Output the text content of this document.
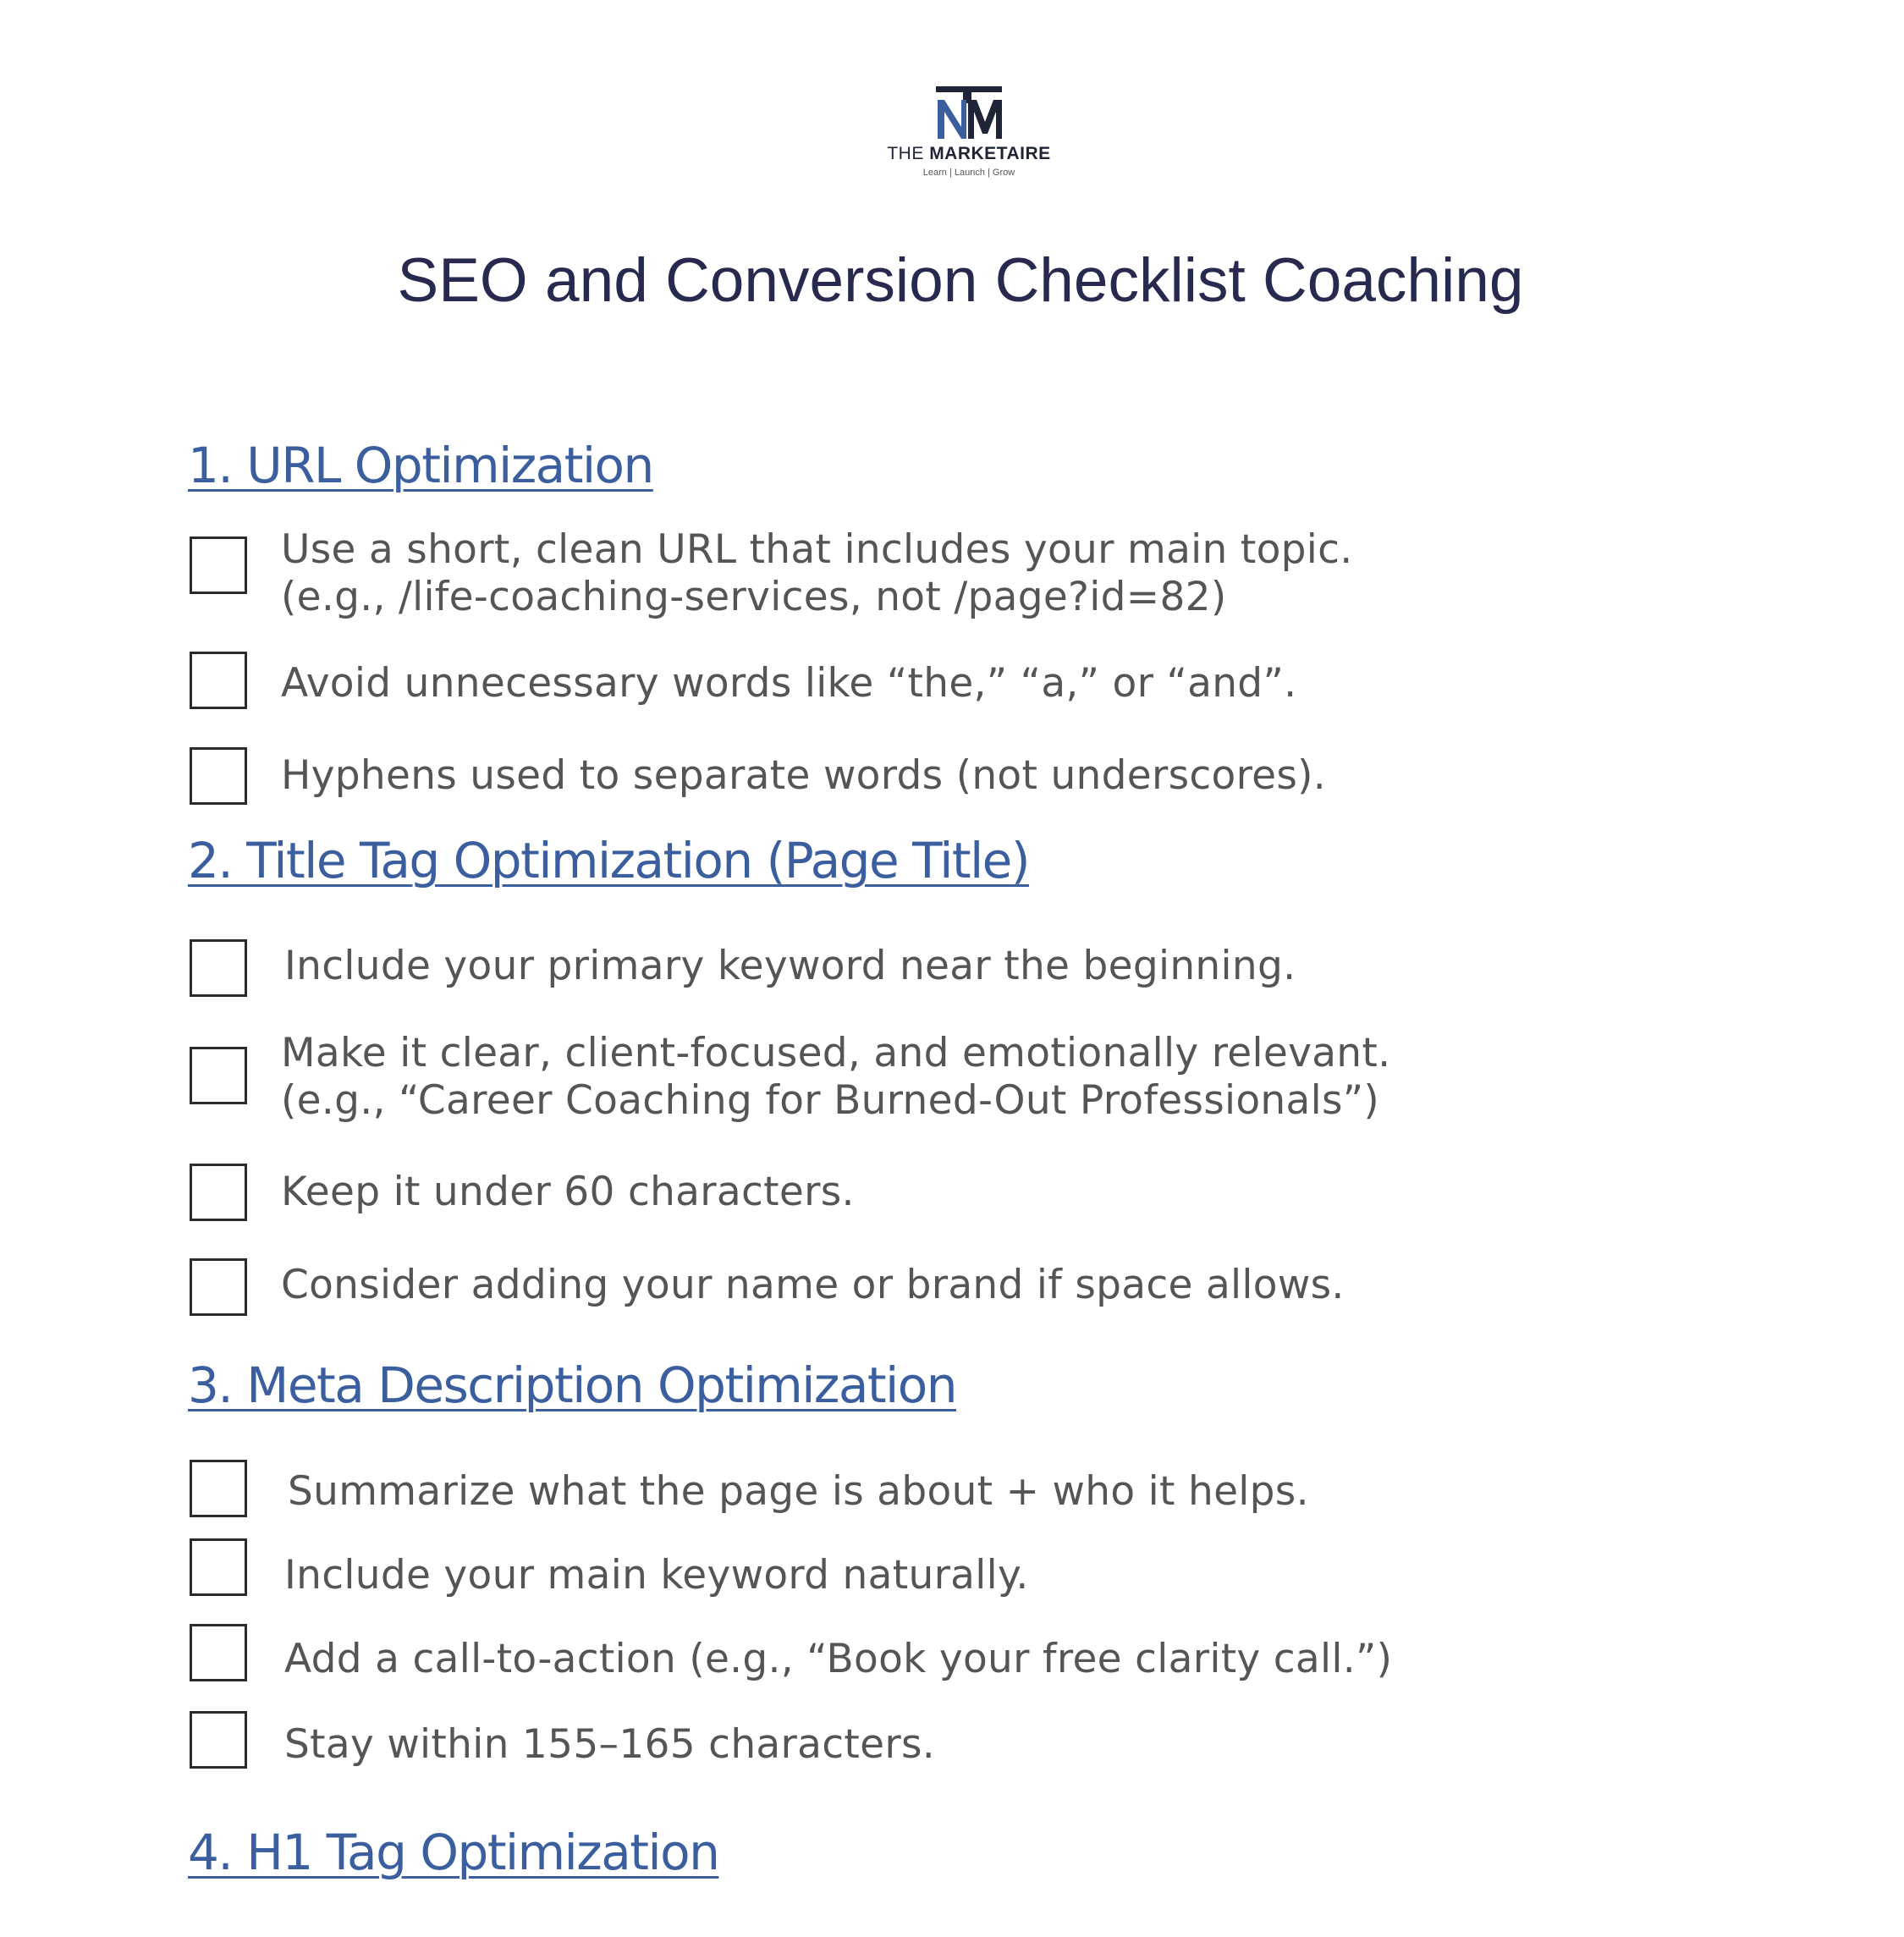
THE MARKETAIRE
Learn | Launch | Grow
SEO and Conversion Checklist Coaching
1. URL Optimization
Use a short, clean URL that includes your main topic.
(e.g., /life-coaching-services, not /page?id=82)
Avoid unnecessary words like “the,” “a,” or “and”.
Hyphens used to separate words (not underscores).
2. Title Tag Optimization (Page Title)
Include your primary keyword near the beginning.
Make it clear, client-focused, and emotionally relevant.
(e.g., “Career Coaching for Burned-Out Professionals”)
Keep it under 60 characters.
Consider adding your name or brand if space allows.
3. Meta Description Optimization
Summarize what the page is about + who it helps.
Include your main keyword naturally.
Add a call-to-action (e.g., “Book your free clarity call.”)
Stay within 155–165 characters.
4. H1 Tag Optimization
